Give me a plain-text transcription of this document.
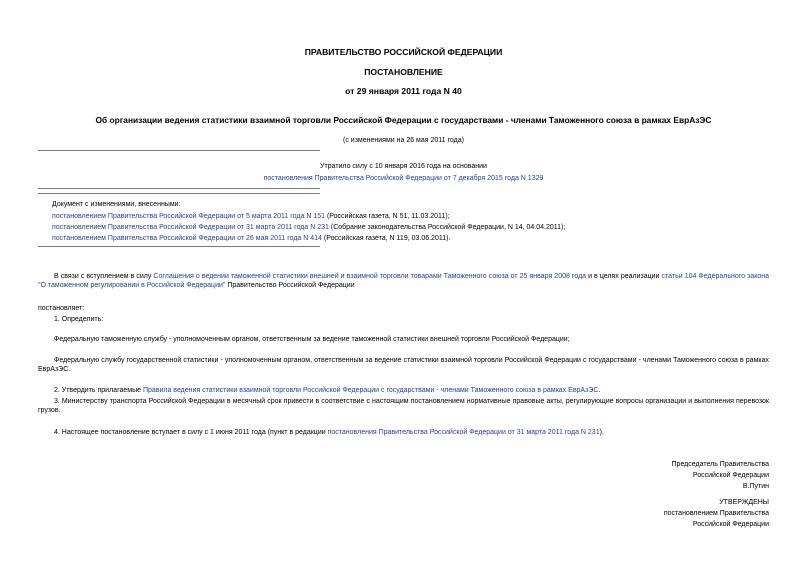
ПРАВИТЕЛЬСТВО РОССИЙСКОЙ ФЕДЕРАЦИИ
ПОСТАНОВЛЕНИЕ
от 29 января 2011 года N 40
Об организации ведения статистики взаимной торговли Российской Федерации с государствами - членами Таможенного союза в рамках ЕврАзЭС
(с изменениями на 26 мая 2011 года)
Утратило силу с 10 января 2016 года на основании
постановления Правительства Российской Федерации от 7 декабря 2015 года N 1329
Документ с изменениями, внесенными:
постановлением Правительства Российской Федерации от 5 марта 2011 года N 151 (Российская газета, N 51, 11.03.2011);
постановлением Правительства Российской Федерации от 31 марта 2011 года N 231 (Собрание законодательства Российской Федерации, N 14, 04.04.2011);
постановлением Правительства Российской Федерации от 26 мая 2011 года N 414 (Российская газета, N 119, 03.06.2011).
В связи с вступлением в силу Соглашения о ведении таможенной статистики внешней и взаимной торговли товарами Таможенного союза от 25 января 2008 года и в целях реализации статьи 104 Федерального закона "О таможенном регулировании в Российской Федерации" Правительство Российской Федерации
постановляет:
1. Определить:
Федеральную таможенную службу - уполномоченным органом, ответственным за ведение таможенной статистики внешней торговли Российской Федерации;
Федеральную службу государственной статистики - уполномоченным органом, ответственным за ведение статистики взаимной торговли Российской Федерации с государствами - членами Таможенного союза в рамках ЕврАзЭС.
2. Утвердить прилагаемые Правила ведения статистики взаимной торговли Российской Федерации с государствами - членами Таможенного союза в рамках ЕврАзЭС.
3. Министерству транспорта Российской Федерации в месячный срок привести в соответствие с настоящим постановлением нормативные правовые акты, регулирующие вопросы организации и выполнения перевозок грузов.
4. Настоящее постановление вступает в силу с 1 июня 2011 года (пункт в редакции постановления Правительства Российской Федерации от 31 марта 2011 года N 231).
Председатель Правительства
Российской Федерации
В.Путин
УТВЕРЖДЕНЫ
постановлением Правительства
Российской Федерации
